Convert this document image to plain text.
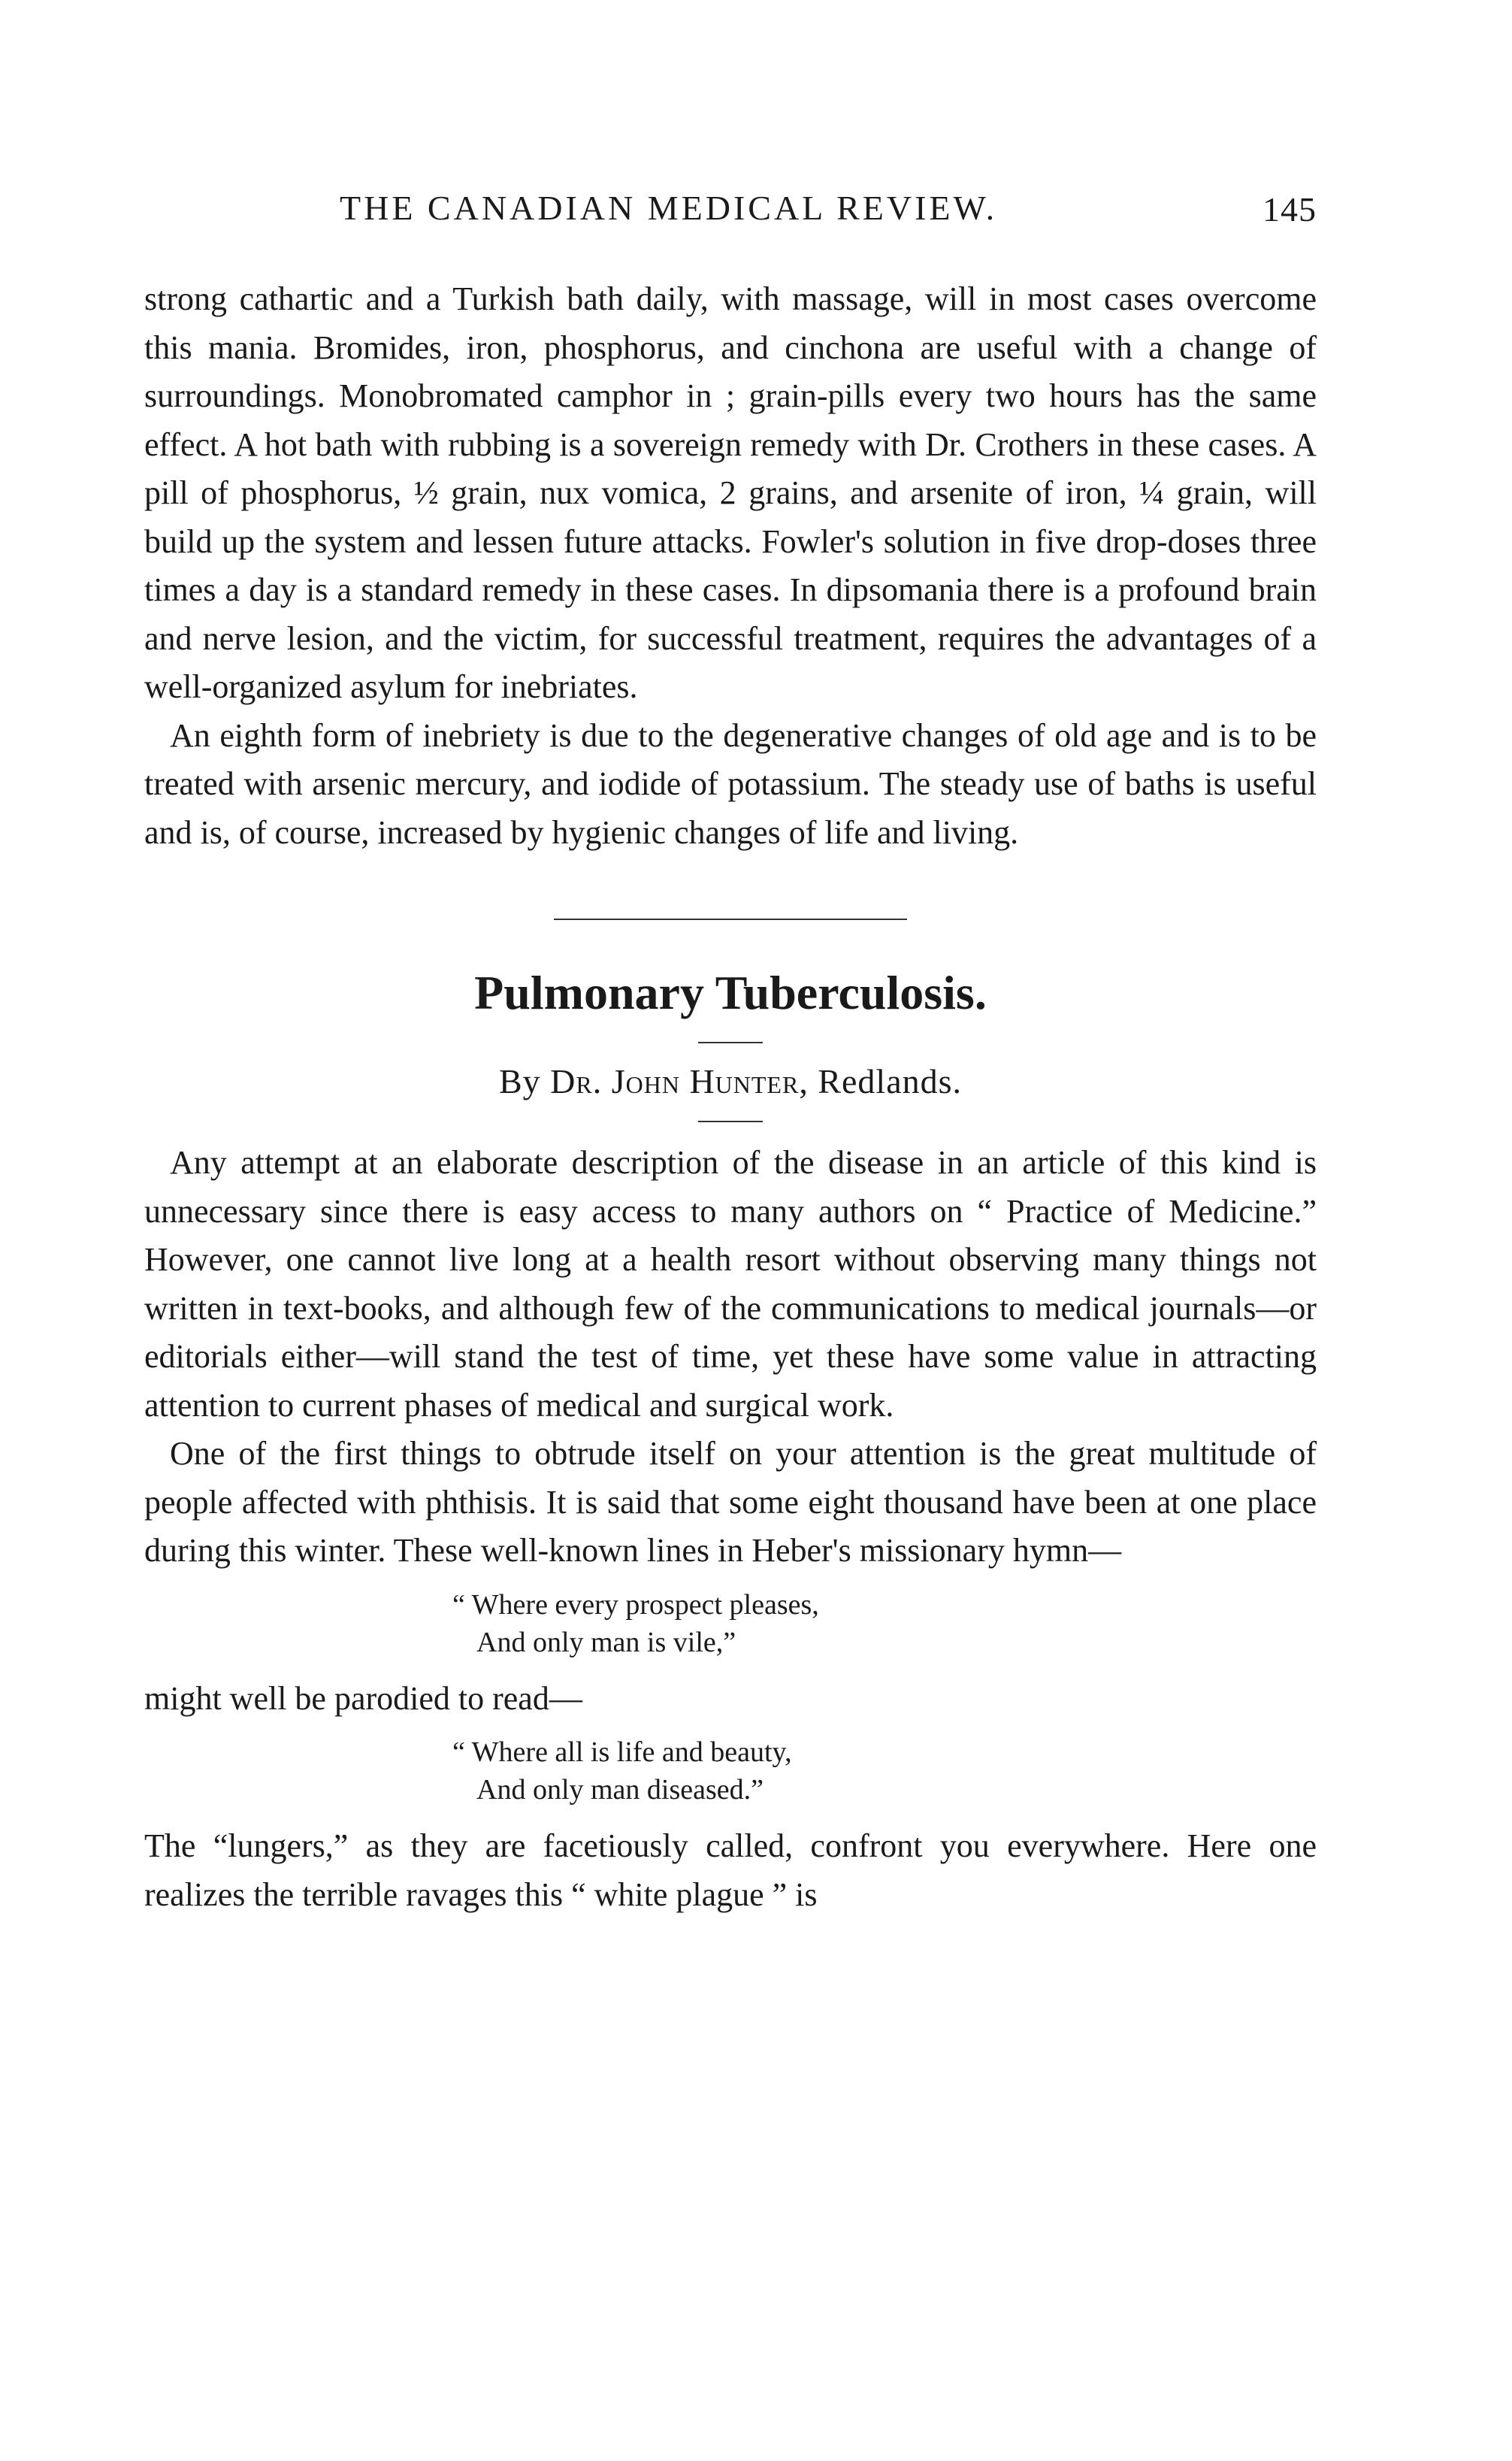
THE CANADIAN MEDICAL REVIEW.	145

strong cathartic and a Turkish bath daily, with massage, will in most cases overcome this mania. Bromides, iron, phosphorus, and cinchona are useful with a change of surroundings. Monobromated camphor in ; grain-pills every two hours has the same effect. A hot bath with rubbing is a sovereign remedy with Dr. Crothers in these cases. A pill of phosphorus, ½ grain, nux vomica, 2 grains, and arsenite of iron, ¼ grain, will build up the system and lessen future attacks. Fowler's solution in five drop-doses three times a day is a standard remedy in these cases. In dipsomania there is a profound brain and nerve lesion, and the victim, for successful treatment, requires the advantages of a well-organized asylum for inebriates.

An eighth form of inebriety is due to the degenerative changes of old age and is to be treated with arsenic mercury, and iodide of potassium. The steady use of baths is useful and is, of course, increased by hygienic changes of life and living.

Pulmonary Tuberculosis.
By Dr. John Hunter, Redlands.

Any attempt at an elaborate description of the disease in an article of this kind is unnecessary since there is easy access to many authors on “ Practice of Medicine.” However, one cannot live long at a health resort without observing many things not written in text-books, and although few of the communications to medical journals—or editorials either—will stand the test of time, yet these have some value in attracting attention to current phases of medical and surgical work.

One of the first things to obtrude itself on your attention is the great multitude of people affected with phthisis. It is said that some eight thousand have been at one place during this winter. These well-known lines in Heber's missionary hymn—

“ Where every prospect pleases,
And only man is vile,”

might well be parodied to read—

“ Where all is life and beauty,
And only man diseased.”

The “lungers,” as they are facetiously called, confront you everywhere. Here one realizes the terrible ravages this “ white plague ” is
